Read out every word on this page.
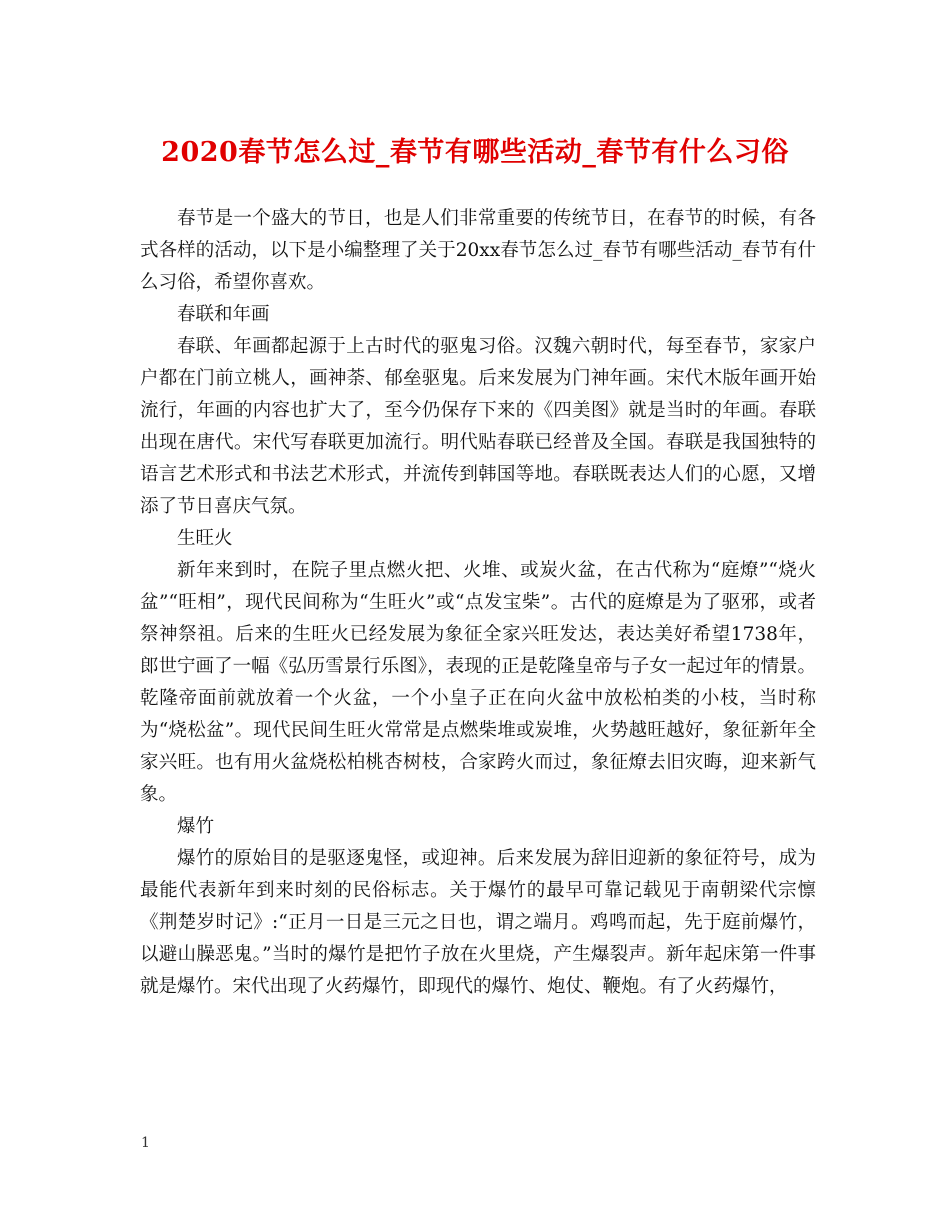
2020春节怎么过_春节有哪些活动_春节有什么习俗

春节是一个盛大的节日，也是人们非常重要的传统节日，在春节的时候，有各式各样的活动，以下是小编整理了关于20xx春节怎么过_春节有哪些活动_春节有什么习俗，希望你喜欢。

春联和年画

春联、年画都起源于上古时代的驱鬼习俗。汉魏六朝时代，每至春节，家家户户都在门前立桃人，画神荼、郁垒驱鬼。后来发展为门神年画。宋代木版年画开始流行，年画的内容也扩大了，至今仍保存下来的《四美图》就是当时的年画。春联出现在唐代。宋代写春联更加流行。明代贴春联已经普及全国。春联是我国独特的语言艺术形式和书法艺术形式，并流传到韩国等地。春联既表达人们的心愿，又增添了节日喜庆气氛。

生旺火

新年来到时，在院子里点燃火把、火堆、或炭火盆，在古代称为“庭燎”“烧火盆”“旺相”，现代民间称为“生旺火”或“点发宝柴”。古代的庭燎是为了驱邪，或者祭神祭祖。后来的生旺火已经发展为象征全家兴旺发达，表达美好希望1738年，郎世宁画了一幅《弘历雪景行乐图》，表现的正是乾隆皇帝与子女一起过年的情景。乾隆帝面前就放着一个火盆，一个小皇子正在向火盆中放松柏类的小枝，当时称为“烧松盆”。现代民间生旺火常常是点燃柴堆或炭堆，火势越旺越好，象征新年全家兴旺。也有用火盆烧松柏桃杏树枝，合家跨火而过，象征燎去旧灾晦，迎来新气象。

爆竹

爆竹的原始目的是驱逐鬼怪，或迎神。后来发展为辞旧迎新的象征符号，成为最能代表新年到来时刻的民俗标志。关于爆竹的最早可靠记载见于南朝梁代宗懔《荆楚岁时记》:“正月一日是三元之日也，谓之端月。鸡鸣而起，先于庭前爆竹，以避山臊恶鬼。”当时的爆竹是把竹子放在火里烧，产生爆裂声。新年起床第一件事就是爆竹。宋代出现了火药爆竹，即现代的爆竹、炮仗、鞭炮。有了火药爆竹，

1
